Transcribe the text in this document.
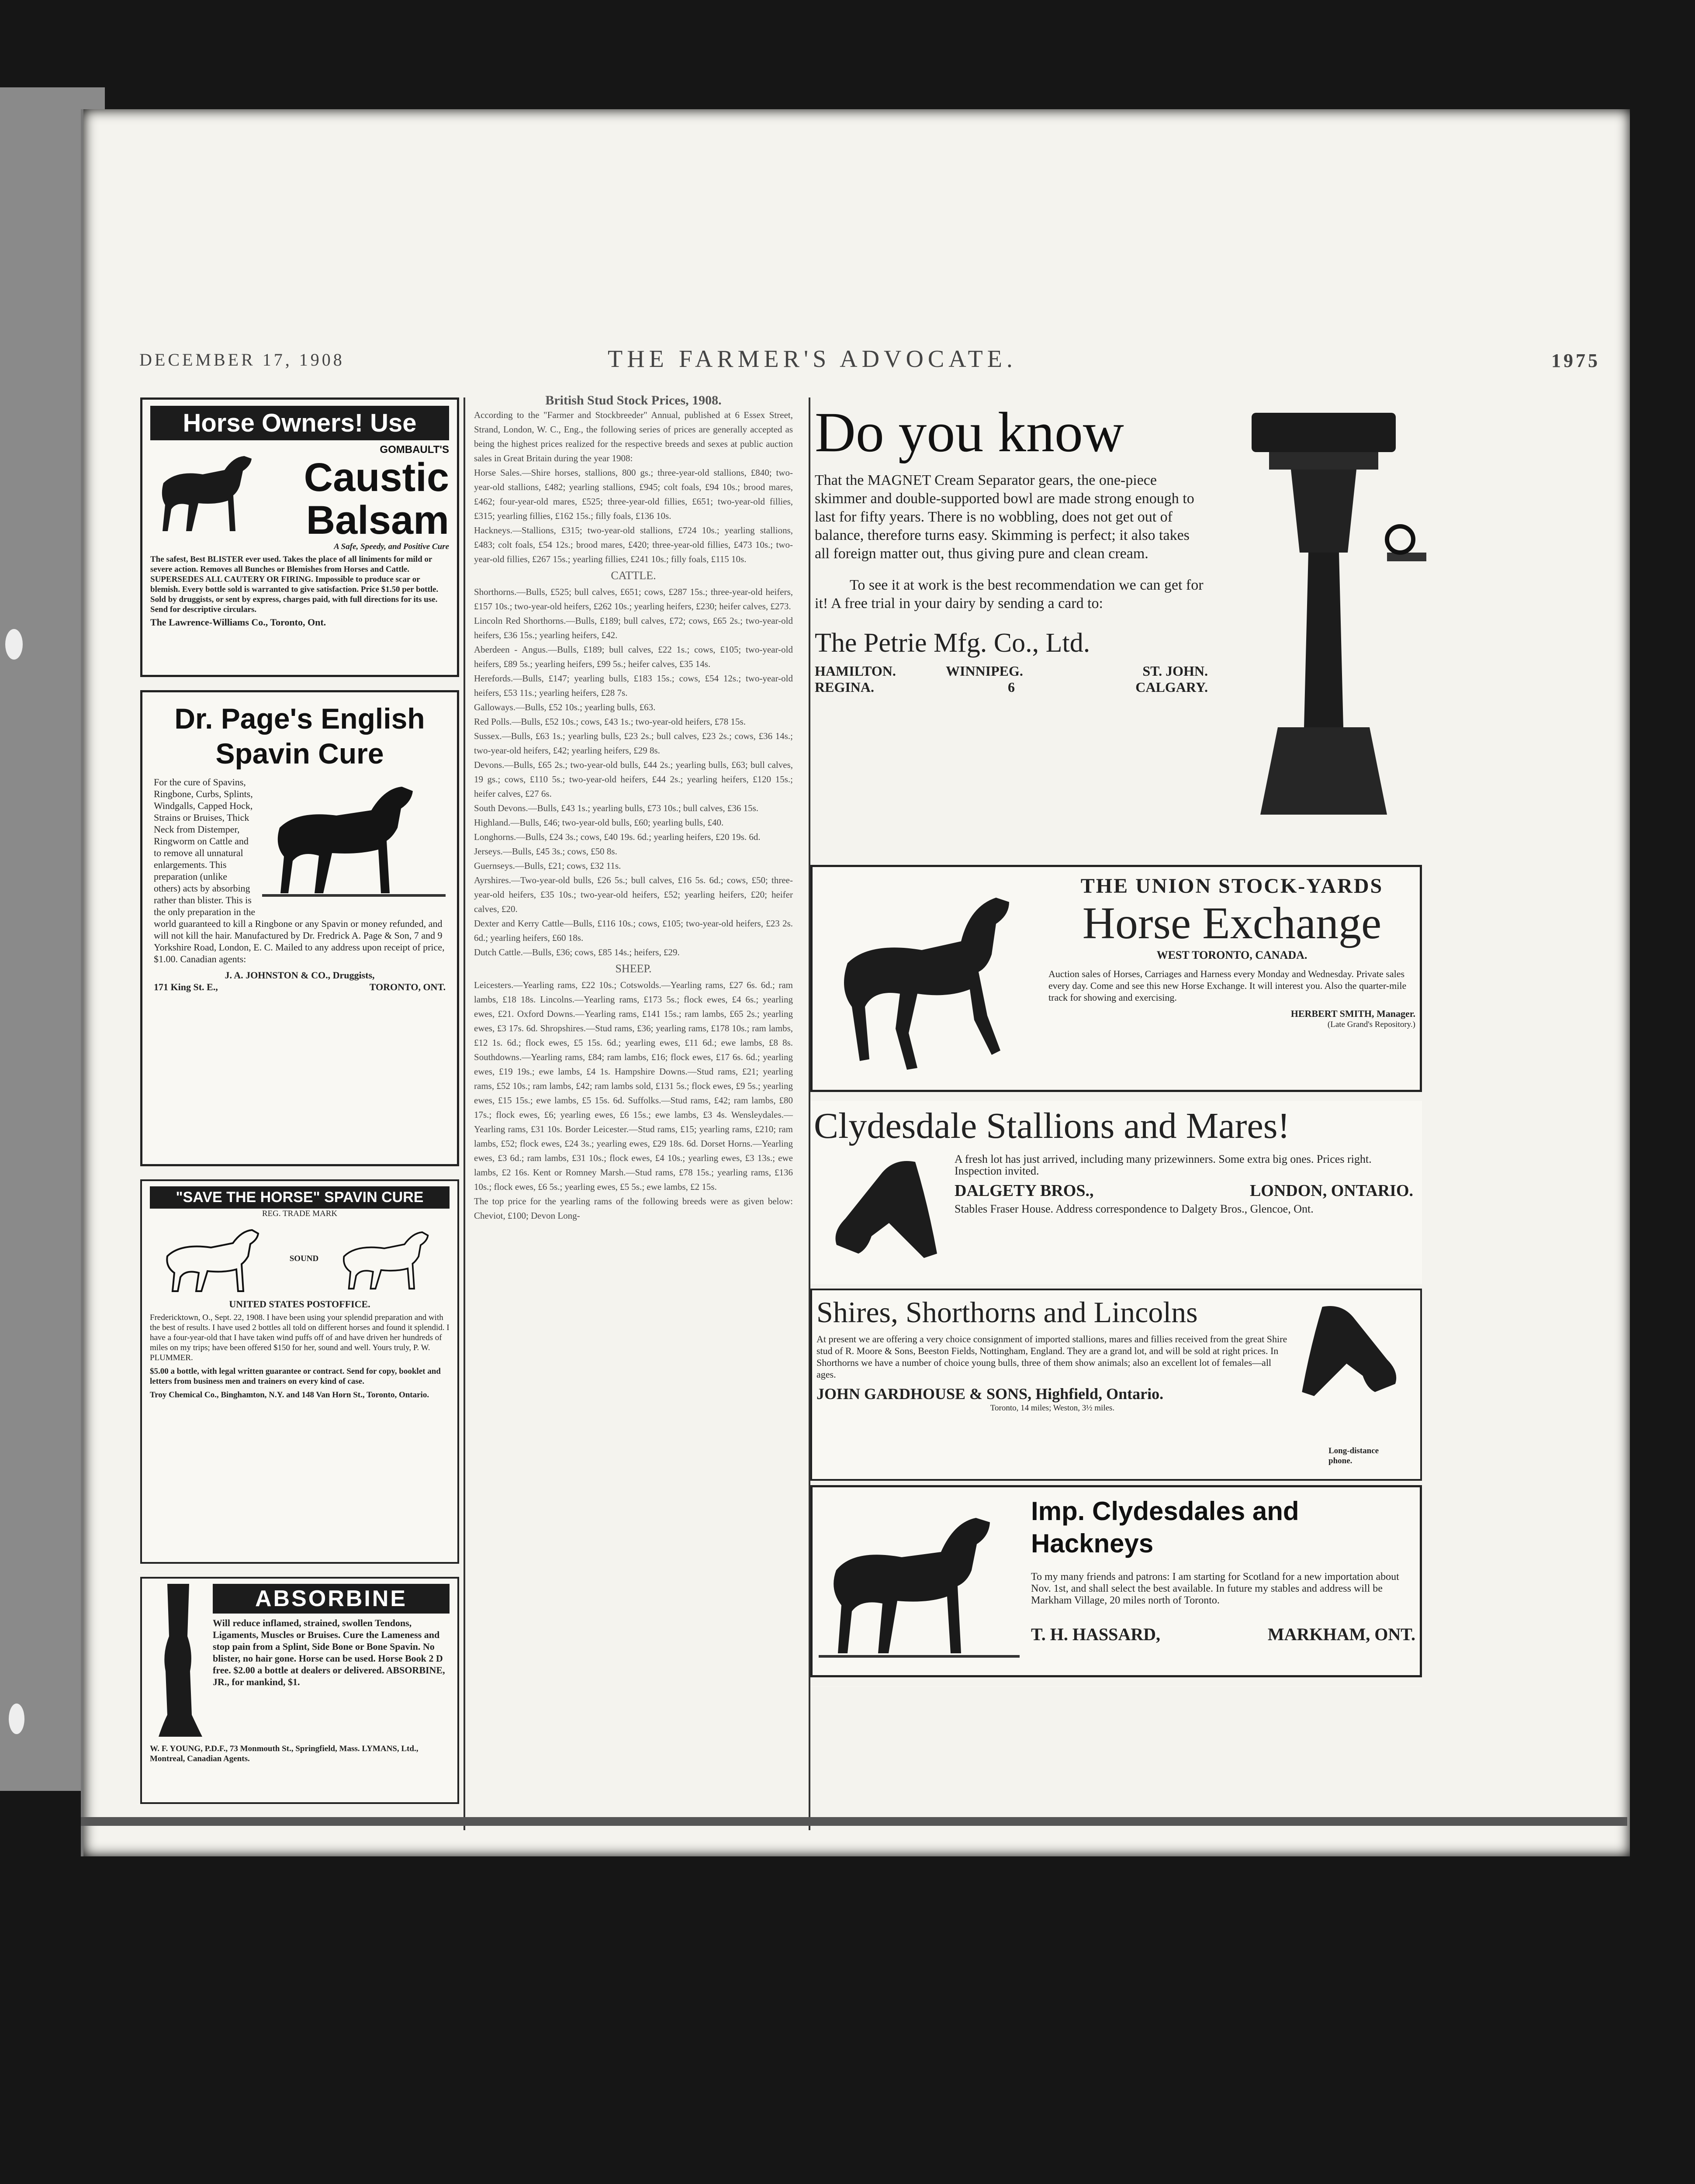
DECEMBER 17, 1908	THE FARMER'S ADVOCATE.	1975
Horse Owners! Use
GOMBAULT'S
Caustic
Balsam
A Safe, Speedy, and Positive Cure
The safest, Best BLISTER ever used. Takes the place of all liniments for mild or severe action. Removes all Bunches or Blemishes from Horses and Cattle. SUPERSEDES ALL CAUTERY OR FIRING. Impossible to produce scar or blemish. Every bottle sold is warranted to give satisfaction. Price $1.50 per bottle. Sold by druggists, or sent by express, charges paid, with full directions for its use. Send for descriptive circulars.
The Lawrence-Williams Co., Toronto, Ont.
Dr. Page's English
Spavin Cure
For the cure of Spavins, Ringbone, Curbs, Splints, Windgalls, Capped Hock, Strains or Bruises, Thick Neck from Distemper, Ringworm on Cattle and to remove all unnatural enlargements. This preparation (unlike others) acts by absorbing rather than blister. This is the only preparation in the world guaranteed to kill a Ringbone or any Spavin or money refunded, and will not kill the hair. Manufactured by Dr. Fredrick A. Page & Son, 7 and 9 Yorkshire Road, London, E. C. Mailed to any address upon receipt of price, $1.00. Canadian agents:
J. A. JOHNSTON & CO., Druggists,
171 King St. E.,	TORONTO, ONT.
"SAVE THE HORSE" SPAVIN CURE
REG. TRADE MARK
SOUND
UNITED STATES POSTOFFICE.
Fredericktown, O., Sept. 22, 1908. I have been using your splendid preparation and with the best of results. I have used 2 bottles all told on different horses and found it splendid. I have a four-year-old that I have taken wind puffs off of and have driven her hundreds of miles on my trips; have been offered $150 for her, sound and well. Yours truly, P. W. PLUMMER.
$5.00 a bottle, with legal written guarantee or contract. Send for copy, booklet and letters from business men and trainers on every kind of case.
Troy Chemical Co., Binghamton, N.Y. and 148 Van Horn St., Toronto, Ontario.
ABSORBINE
Will reduce inflamed, strained, swollen Tendons, Ligaments, Muscles or Bruises. Cure the Lameness and stop pain from a Splint, Side Bone or Bone Spavin. No blister, no hair gone. Horse can be used. Horse Book 2 D free. $2.00 a bottle at dealers or delivered. ABSORBINE, JR., for mankind, $1.
W. F. YOUNG, P.D.F., 73 Monmouth St., Springfield, Mass. LYMANS, Ltd., Montreal, Canadian Agents.
British Stud Stock Prices, 1908.
According to the "Farmer and Stockbreeder" Annual, published at 6 Essex Street, Strand, London, W. C., Eng., the following series of prices are generally accepted as being the highest prices realized for the respective breeds and sexes at public auction sales in Great Britain during the year 1908:
Horse Sales.—Shire horses, stallions, 800 gs.; three-year-old stallions, £840; two-year-old stallions, £482; yearling stallions, £945; colt foals, £94 10s.; brood mares, £462; four-year-old mares, £525; three-year-old fillies, £651; two-year-old fillies, £315; yearling fillies, £162 15s.; filly foals, £136 10s.
Hackneys.—Stallions, £315; two-year-old stallions, £724 10s.; yearling stallions, £483; colt foals, £54 12s.; brood mares, £420; three-year-old fillies, £473 10s.; two-year-old fillies, £267 15s.; yearling fillies, £241 10s.; filly foals, £115 10s.
CATTLE.
Shorthorns.—Bulls, £525; bull calves, £651; cows, £287 15s.; three-year-old heifers, £157 10s.; two-year-old heifers, £262 10s.; yearling heifers, £230; heifer calves, £273.
Lincoln Red Shorthorns.—Bulls, £189; bull calves, £72; cows, £65 2s.; two-year-old heifers, £36 15s.; yearling heifers, £42.
Aberdeen - Angus.—Bulls, £189; bull calves, £22 1s.; cows, £105; two-year-old heifers, £89 5s.; yearling heifers, £99 5s.; heifer calves, £35 14s.
Herefords.—Bulls, £147; yearling bulls, £183 15s.; cows, £54 12s.; two-year-old heifers, £53 11s.; yearling heifers, £28 7s.
Galloways.—Bulls, £52 10s.; yearling bulls, £63.
Red Polls.—Bulls, £52 10s.; cows, £43 1s.; two-year-old heifers, £78 15s.
Sussex.—Bulls, £63 1s.; yearling bulls, £23 2s.; bull calves, £23 2s.; cows, £36 14s.; two-year-old heifers, £42; yearling heifers, £29 8s.
Devons.—Bulls, £65 2s.; two-year-old bulls, £44 2s.; yearling bulls, £63; bull calves, 19 gs.; cows, £110 5s.; two-year-old heifers, £44 2s.; yearling heifers, £120 15s.; heifer calves, £27 6s.
South Devons.—Bulls, £43 1s.; yearling bulls, £73 10s.; bull calves, £36 15s.
Highland.—Bulls, £46; two-year-old bulls, £60; yearling bulls, £40.
Longhorns.—Bulls, £24 3s.; cows, £40 19s. 6d.; yearling heifers, £20 19s. 6d.
Jerseys.—Bulls, £45 3s.; cows, £50 8s.
Guernseys.—Bulls, £21; cows, £32 11s.
Ayrshires.—Two-year-old bulls, £26 5s.; bull calves, £16 5s. 6d.; cows, £50; three-year-old heifers, £35 10s.; two-year-old heifers, £52; yearling heifers, £20; heifer calves, £20.
Dexter and Kerry Cattle—Bulls, £116 10s.; cows, £105; two-year-old heifers, £23 2s. 6d.; yearling heifers, £60 18s.
Dutch Cattle.—Bulls, £36; cows, £85 14s.; heifers, £29.
SHEEP.
Leicesters.—Yearling rams, £22 10s.; Cotswolds.—Yearling rams, £27 6s. 6d.; ram lambs, £18 18s. Lincolns.—Yearling rams, £173 5s.; flock ewes, £4 6s.; yearling ewes, £21. Oxford Downs.—Yearling rams, £141 15s.; ram lambs, £65 2s.; yearling ewes, £3 17s. 6d. Shropshires.—Stud rams, £36; yearling rams, £178 10s.; ram lambs, £12 1s. 6d.; flock ewes, £5 15s. 6d.; yearling ewes, £11 6d.; ewe lambs, £8 8s. Southdowns.—Yearling rams, £84; ram lambs, £16; flock ewes, £17 6s. 6d.; yearling ewes, £19 19s.; ewe lambs, £4 1s. Hampshire Downs.—Stud rams, £21; yearling rams, £52 10s.; ram lambs, £42; ram lambs sold, £131 5s.; flock ewes, £9 5s.; yearling ewes, £15 15s.; ewe lambs, £5 15s. 6d. Suffolks.—Stud rams, £42; ram lambs, £80 17s.; flock ewes, £6; yearling ewes, £6 15s.; ewe lambs, £3 4s. Wensleydales.—Yearling rams, £31 10s. Border Leicester.—Stud rams, £15; yearling rams, £210; ram lambs, £52; flock ewes, £24 3s.; yearling ewes, £29 18s. 6d. Dorset Horns.—Yearling ewes, £3 6d.; ram lambs, £31 10s.; flock ewes, £4 10s.; yearling ewes, £3 13s.; ewe lambs, £2 16s. Kent or Romney Marsh.—Stud rams, £78 15s.; yearling rams, £136 10s.; flock ewes, £6 5s.; yearling ewes, £5 5s.; ewe lambs, £2 15s.
The top price for the yearling rams of the following breeds were as given below: Cheviot, £100; Devon Long-
Do you know
That the MAGNET Cream Separator gears, the one-piece skimmer and double-supported bowl are made strong enough to last for fifty years. There is no wobbling, does not get out of balance, therefore turns easy. Skimming is perfect; it also takes all foreign matter out, thus giving pure and clean cream.
To see it at work is the best recommendation we can get for it! A free trial in your dairy by sending a card to:
The Petrie Mfg. Co., Ltd.
HAMILTON.	WINNIPEG.	ST. JOHN.
REGINA.	6	CALGARY.
THE UNION STOCK-YARDS
Horse Exchange
WEST TORONTO, CANADA.
Auction sales of Horses, Carriages and Harness every Monday and Wednesday. Private sales every day. Come and see this new Horse Exchange. It will interest you. Also the quarter-mile track for showing and exercising.
HERBERT SMITH, Manager.
(Late Grand's Repository.)
Clydesdale Stallions and Mares!
A fresh lot has just arrived, including many prizewinners. Some extra big ones. Prices right. Inspection invited.
DALGETY BROS.,	LONDON, ONTARIO.
Stables Fraser House. Address correspondence to Dalgety Bros., Glencoe, Ont.
Shires, Shorthorns and Lincolns
At present we are offering a very choice consignment of imported stallions, mares and fillies received from the great Shire stud of R. Moore & Sons, Beeston Fields, Nottingham, England. They are a grand lot, and will be sold at right prices. In Shorthorns we have a number of choice young bulls, three of them show animals; also an excellent lot of females—all ages.
JOHN GARDHOUSE & SONS, Highfield, Ontario.
Toronto, 14 miles; Weston, 3½ miles.
Long-distance phone.
Imp. Clydesdales and Hackneys
To my many friends and patrons: I am starting for Scotland for a new importation about Nov. 1st, and shall select the best available. In future my stables and address will be Markham Village, 20 miles north of Toronto.
T. H. HASSARD,	MARKHAM, ONT.
